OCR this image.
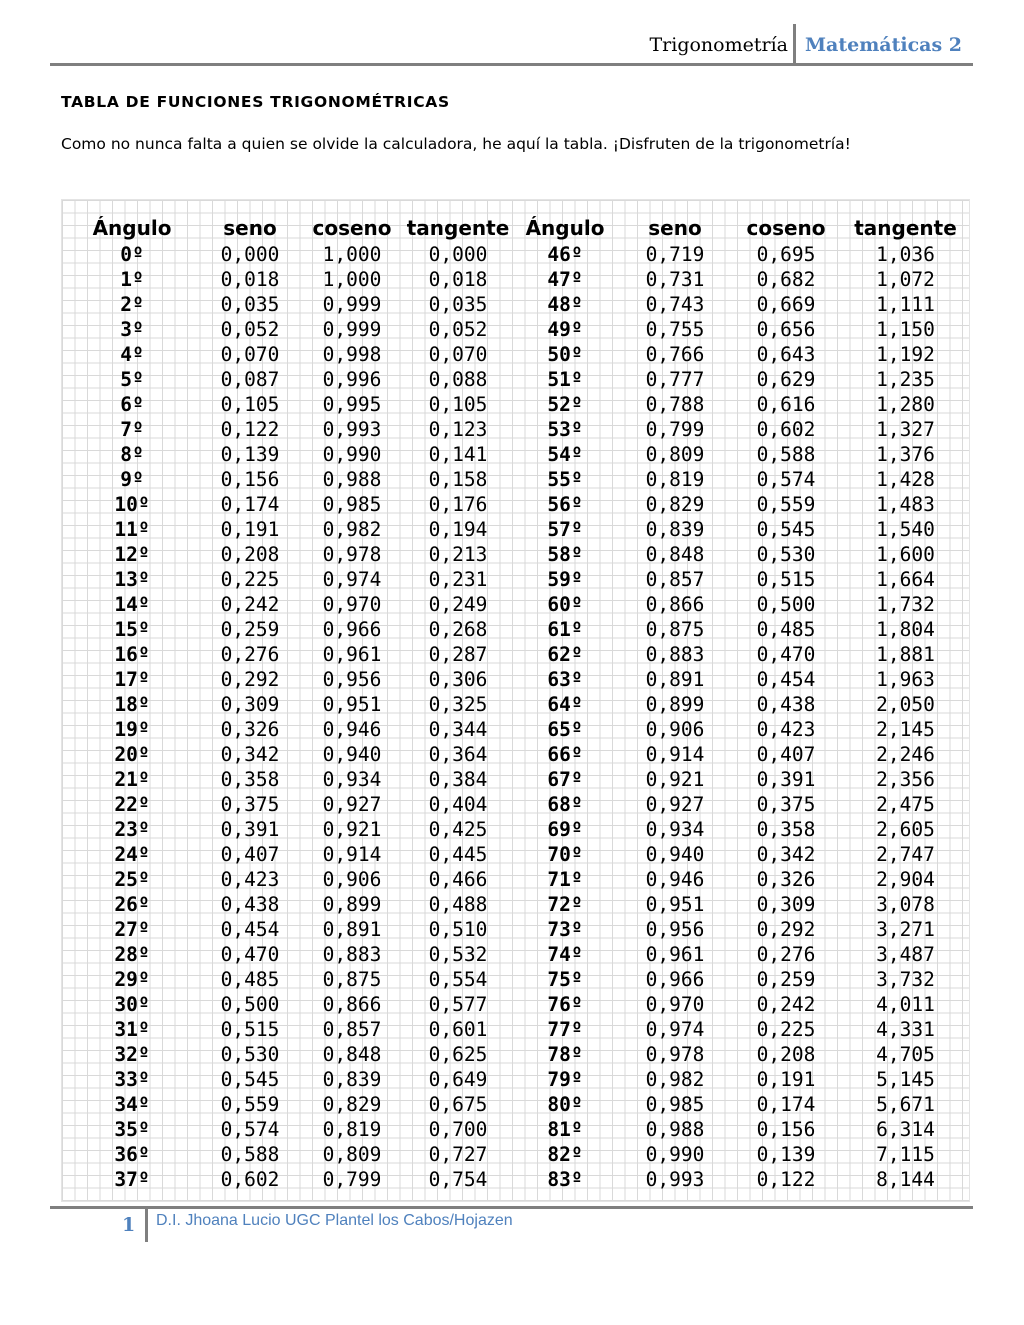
Trigonometría Matemáticas 2
TABLA DE FUNCIONES TRIGONOMÉTRICAS
Como no nunca falta a quien se olvide la calculadora, he aquí la tabla. ¡Disfruten de la trigonometría!
Ángulo	seno	coseno	tangente	Ángulo	seno	coseno	tangente
0º	0,000	1,000	0,000	46º	0,719	0,695	1,036
1º	0,018	1,000	0,018	47º	0,731	0,682	1,072
2º	0,035	0,999	0,035	48º	0,743	0,669	1,111
3º	0,052	0,999	0,052	49º	0,755	0,656	1,150
4º	0,070	0,998	0,070	50º	0,766	0,643	1,192
5º	0,087	0,996	0,088	51º	0,777	0,629	1,235
6º	0,105	0,995	0,105	52º	0,788	0,616	1,280
7º	0,122	0,993	0,123	53º	0,799	0,602	1,327
8º	0,139	0,990	0,141	54º	0,809	0,588	1,376
9º	0,156	0,988	0,158	55º	0,819	0,574	1,428
10º	0,174	0,985	0,176	56º	0,829	0,559	1,483
11º	0,191	0,982	0,194	57º	0,839	0,545	1,540
12º	0,208	0,978	0,213	58º	0,848	0,530	1,600
13º	0,225	0,974	0,231	59º	0,857	0,515	1,664
14º	0,242	0,970	0,249	60º	0,866	0,500	1,732
15º	0,259	0,966	0,268	61º	0,875	0,485	1,804
16º	0,276	0,961	0,287	62º	0,883	0,470	1,881
17º	0,292	0,956	0,306	63º	0,891	0,454	1,963
18º	0,309	0,951	0,325	64º	0,899	0,438	2,050
19º	0,326	0,946	0,344	65º	0,906	0,423	2,145
20º	0,342	0,940	0,364	66º	0,914	0,407	2,246
21º	0,358	0,934	0,384	67º	0,921	0,391	2,356
22º	0,375	0,927	0,404	68º	0,927	0,375	2,475
23º	0,391	0,921	0,425	69º	0,934	0,358	2,605
24º	0,407	0,914	0,445	70º	0,940	0,342	2,747
25º	0,423	0,906	0,466	71º	0,946	0,326	2,904
26º	0,438	0,899	0,488	72º	0,951	0,309	3,078
27º	0,454	0,891	0,510	73º	0,956	0,292	3,271
28º	0,470	0,883	0,532	74º	0,961	0,276	3,487
29º	0,485	0,875	0,554	75º	0,966	0,259	3,732
30º	0,500	0,866	0,577	76º	0,970	0,242	4,011
31º	0,515	0,857	0,601	77º	0,974	0,225	4,331
32º	0,530	0,848	0,625	78º	0,978	0,208	4,705
33º	0,545	0,839	0,649	79º	0,982	0,191	5,145
34º	0,559	0,829	0,675	80º	0,985	0,174	5,671
35º	0,574	0,819	0,700	81º	0,988	0,156	6,314
36º	0,588	0,809	0,727	82º	0,990	0,139	7,115
37º	0,602	0,799	0,754	83º	0,993	0,122	8,144
1 D.I. Jhoana Lucio UGC Plantel los Cabos/Hojazen
